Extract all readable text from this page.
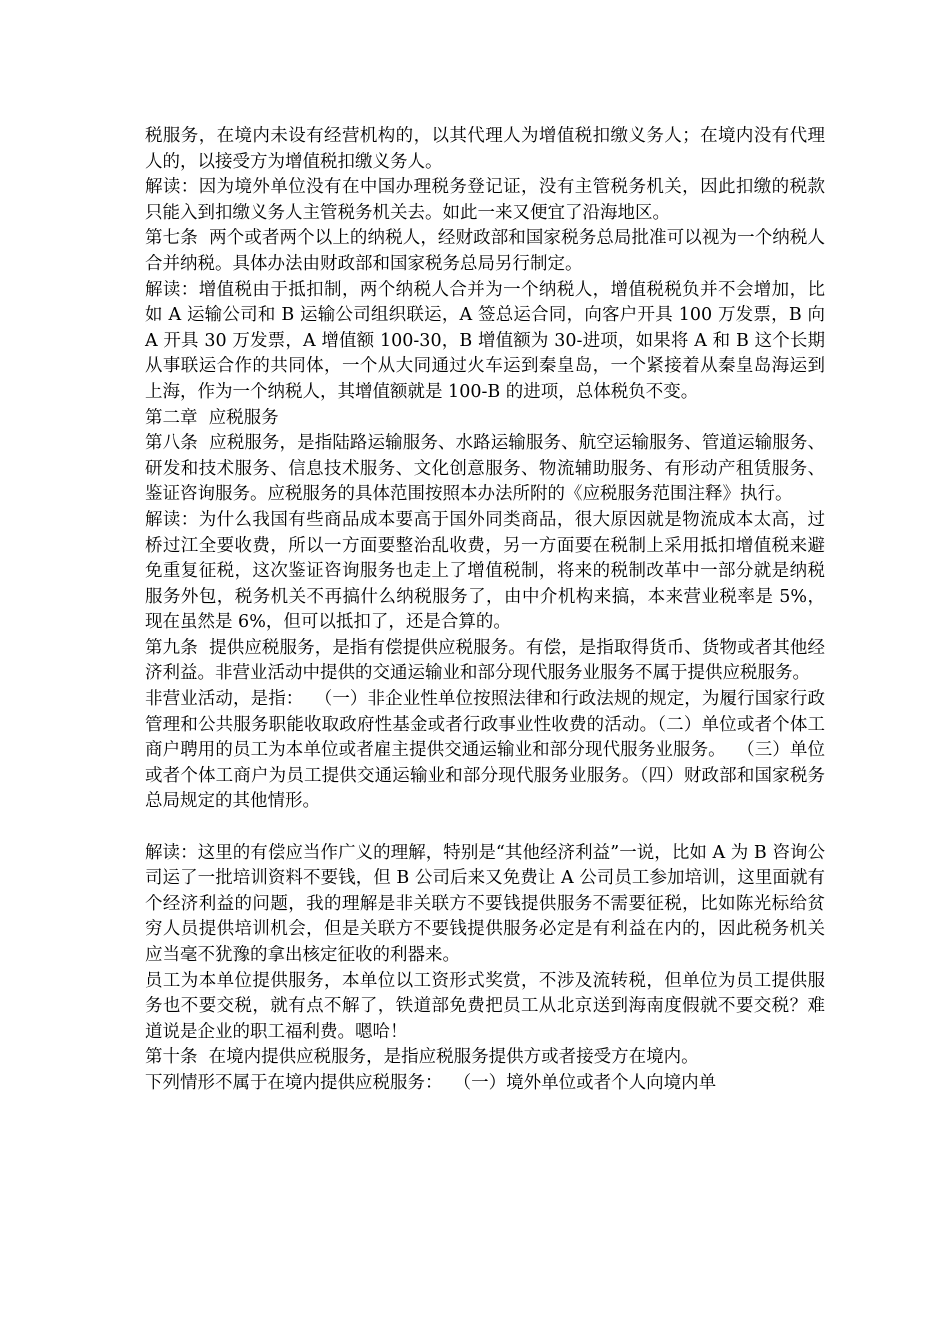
税服务，在境内未设有经营机构的，以其代理人为增值税扣缴义务人；在境内没有代理人的，以接受方为增值税扣缴义务人。

解读：因为境外单位没有在中国办理税务登记证，没有主管税务机关，因此扣缴的税款只能入到扣缴义务人主管税务机关去。如此一来又便宜了沿海地区。

第七条  两个或者两个以上的纳税人，经财政部和国家税务总局批准可以视为一个纳税人合并纳税。具体办法由财政部和国家税务总局另行制定。

解读：增值税由于抵扣制，两个纳税人合并为一个纳税人，增值税税负并不会增加，比如 A 运输公司和 B 运输公司组织联运，A 签总运合同，向客户开具 100 万发票，B 向 A 开具 30 万发票，A 增值额 100-30，B 增值额为 30-进项，如果将 A 和 B 这个长期从事联运合作的共同体，一个从大同通过火车运到秦皇岛，一个紧接着从秦皇岛海运到上海，作为一个纳税人，其增值额就是 100-B 的进项，总体税负不变。

第二章  应税服务

第八条  应税服务，是指陆路运输服务、水路运输服务、航空运输服务、管道运输服务、研发和技术服务、信息技术服务、文化创意服务、物流辅助服务、有形动产租赁服务、鉴证咨询服务。应税服务的具体范围按照本办法所附的《应税服务范围注释》执行。

解读：为什么我国有些商品成本要高于国外同类商品，很大原因就是物流成本太高，过桥过江全要收费，所以一方面要整治乱收费，另一方面要在税制上采用抵扣增值税来避免重复征税，这次鉴证咨询服务也走上了增值税制，将来的税制改革中一部分就是纳税服务外包，税务机关不再搞什么纳税服务了，由中介机构来搞，本来营业税率是 5%，现在虽然是 6%，但可以抵扣了，还是合算的。

第九条  提供应税服务，是指有偿提供应税服务。有偿，是指取得货币、货物或者其他经济利益。非营业活动中提供的交通运输业和部分现代服务业服务不属于提供应税服务。

非营业活动，是指：  （一）非企业性单位按照法律和行政法规的规定，为履行国家行政管理和公共服务职能收取政府性基金或者行政事业性收费的活动。（二）单位或者个体工商户聘用的员工为本单位或者雇主提供交通运输业和部分现代服务业服务。  （三）单位或者个体工商户为员工提供交通运输业和部分现代服务业服务。（四）财政部和国家税务总局规定的其他情形。

解读：这里的有偿应当作广义的理解，特别是“其他经济利益”一说，比如 A 为 B 咨询公司运了一批培训资料不要钱，但 B 公司后来又免费让 A 公司员工参加培训，这里面就有个经济利益的问题，我的理解是非关联方不要钱提供服务不需要征税，比如陈光标给贫穷人员提供培训机会，但是关联方不要钱提供服务必定是有利益在内的，因此税务机关应当毫不犹豫的拿出核定征收的利器来。

员工为本单位提供服务，本单位以工资形式奖赏，不涉及流转税，但单位为员工提供服务也不要交税，就有点不解了，铁道部免费把员工从北京送到海南度假就不要交税？难道说是企业的职工福利费。嗯哈！

第十条  在境内提供应税服务，是指应税服务提供方或者接受方在境内。

下列情形不属于在境内提供应税服务：  （一）境外单位或者个人向境内单
